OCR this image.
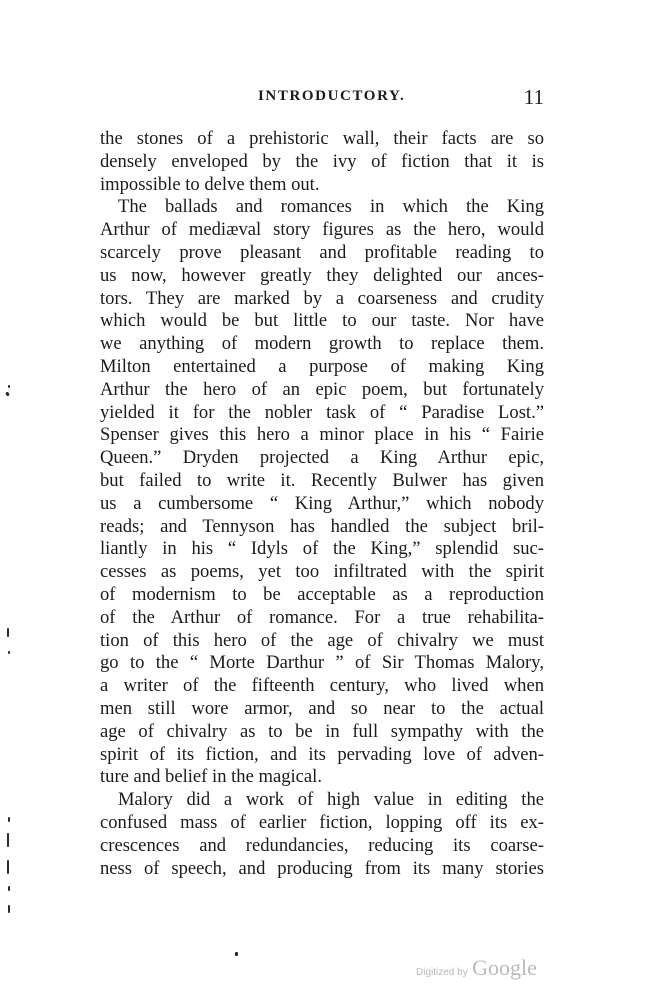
INTRODUCTORY.	11
the stones of a prehistoric wall, their facts are so
densely enveloped by the ivy of fiction that it is
impossible to delve them out.
The ballads and romances in which the King
Arthur of mediæval story figures as the hero, would
scarcely prove pleasant and profitable reading to
us now, however greatly they delighted our ances-
tors. They are marked by a coarseness and crudity
which would be but little to our taste. Nor have
we anything of modern growth to replace them.
Milton entertained a purpose of making King
Arthur the hero of an epic poem, but fortunately
yielded it for the nobler task of “ Paradise Lost.”
Spenser gives this hero a minor place in his “ Fairie
Queen.” Dryden projected a King Arthur epic,
but failed to write it. Recently Bulwer has given
us a cumbersome “ King Arthur,” which nobody
reads; and Tennyson has handled the subject bril-
liantly in his “ Idyls of the King,” splendid suc-
cesses as poems, yet too infiltrated with the spirit
of modernism to be acceptable as a reproduction
of the Arthur of romance. For a true rehabilita-
tion of this hero of the age of chivalry we must
go to the “ Morte Darthur ” of Sir Thomas Malory,
a writer of the fifteenth century, who lived when
men still wore armor, and so near to the actual
age of chivalry as to be in full sympathy with the
spirit of its fiction, and its pervading love of adven-
ture and belief in the magical.
Malory did a work of high value in editing the
confused mass of earlier fiction, lopping off its ex-
crescences and redundancies, reducing its coarse-
ness of speech, and producing from its many stories
Digitized by Google
